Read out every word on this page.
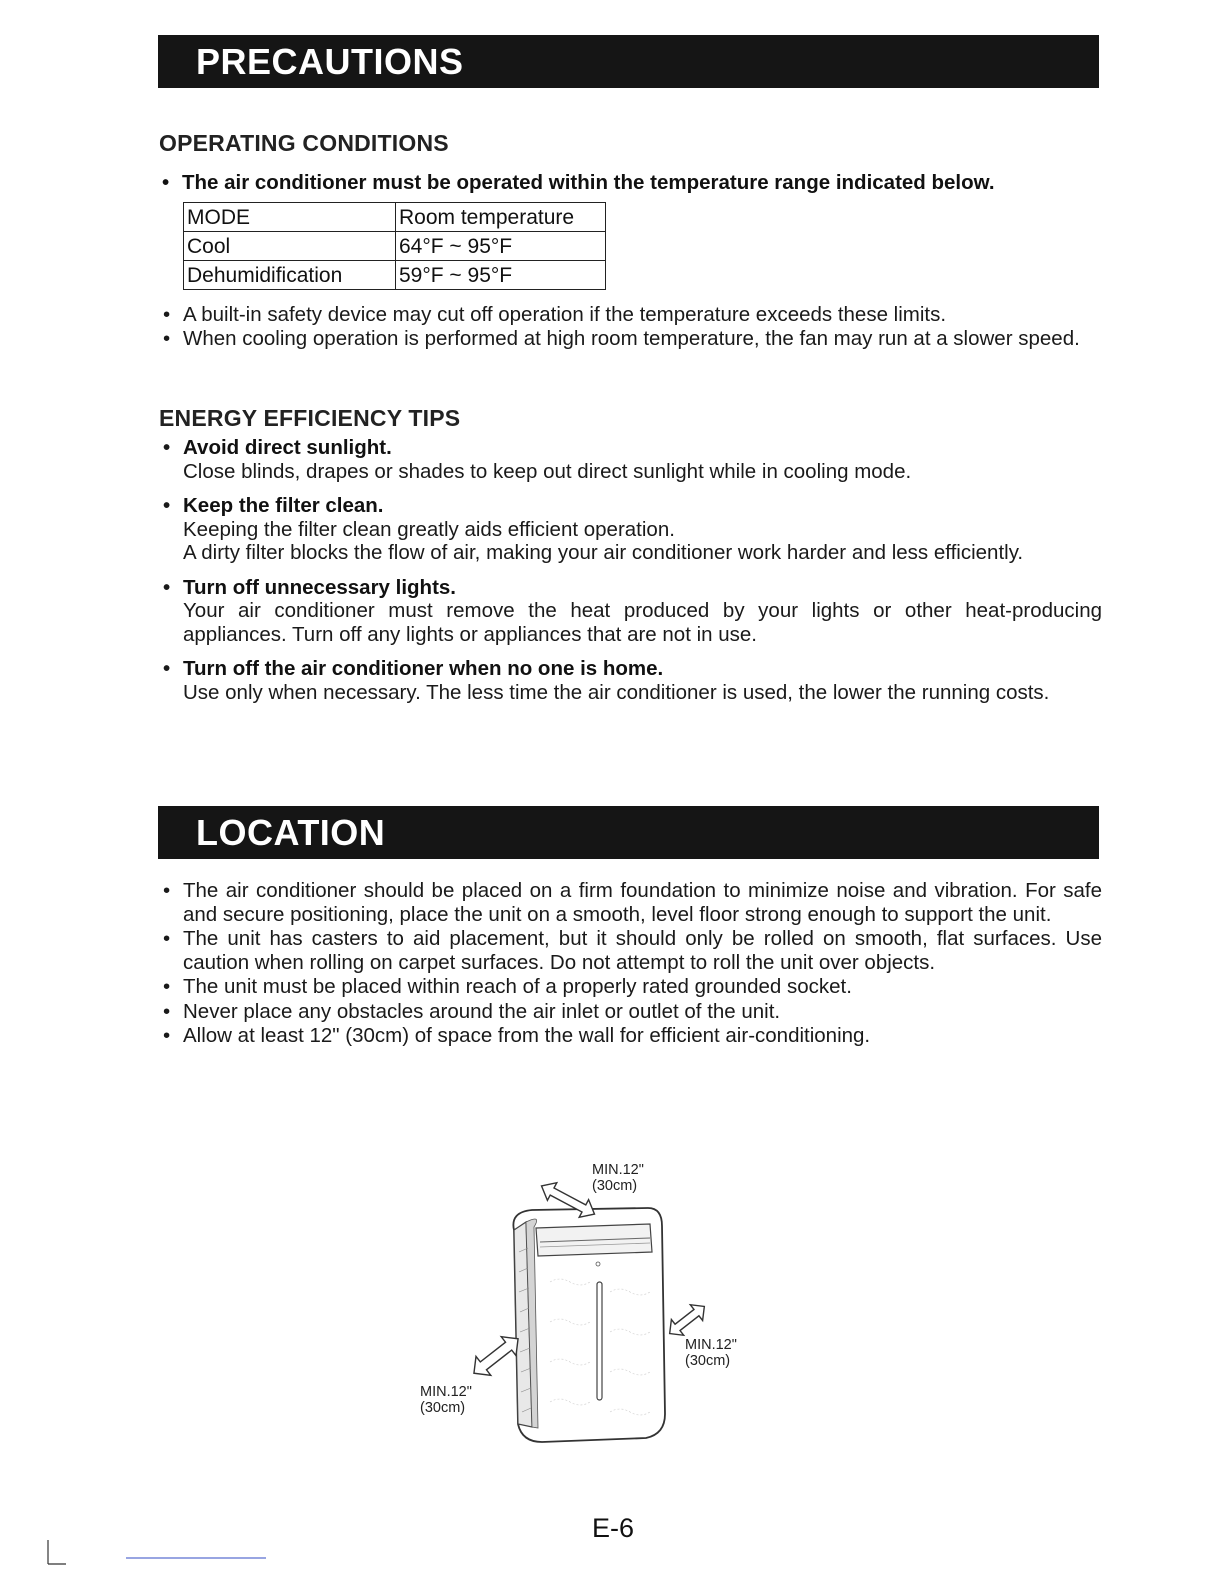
PRECAUTIONS
OPERATING CONDITIONS
• The air conditioner must be operated within the temperature range indicated below.
MODE	Room temperature
Cool	64°F ~ 95°F
Dehumidification	59°F ~ 95°F
• A built-in safety device may cut off operation if the temperature exceeds these limits.
• When cooling operation is performed at high room temperature, the fan may run at a slower speed.
ENERGY EFFICIENCY TIPS
• Avoid direct sunlight.
Close blinds, drapes or shades to keep out direct sunlight while in cooling mode.
• Keep the filter clean.
Keeping the filter clean greatly aids efficient operation.
A dirty filter blocks the flow of air, making your air conditioner work harder and less efficiently.
• Turn off unnecessary lights.
Your air conditioner must remove the heat produced by your lights or other heat-producing appliances. Turn off any lights or appliances that are not in use.
• Turn off the air conditioner when no one is home.
Use only when necessary. The less time the air conditioner is used, the lower the running costs.
LOCATION
• The air conditioner should be placed on a firm foundation to minimize noise and vibration. For safe and secure positioning, place the unit on a smooth, level floor strong enough to support the unit.
• The unit has casters to aid placement, but it should only be rolled on smooth, flat surfaces. Use caution when rolling on carpet surfaces. Do not attempt to roll the unit over objects.
• The unit must be placed within reach of a properly rated grounded socket.
• Never place any obstacles around the air inlet or outlet of the unit.
• Allow at least 12" (30cm) of space from the wall for efficient air-conditioning.
MIN.12"
(30cm)
MIN.12"
(30cm)
MIN.12"
(30cm)
E-6
